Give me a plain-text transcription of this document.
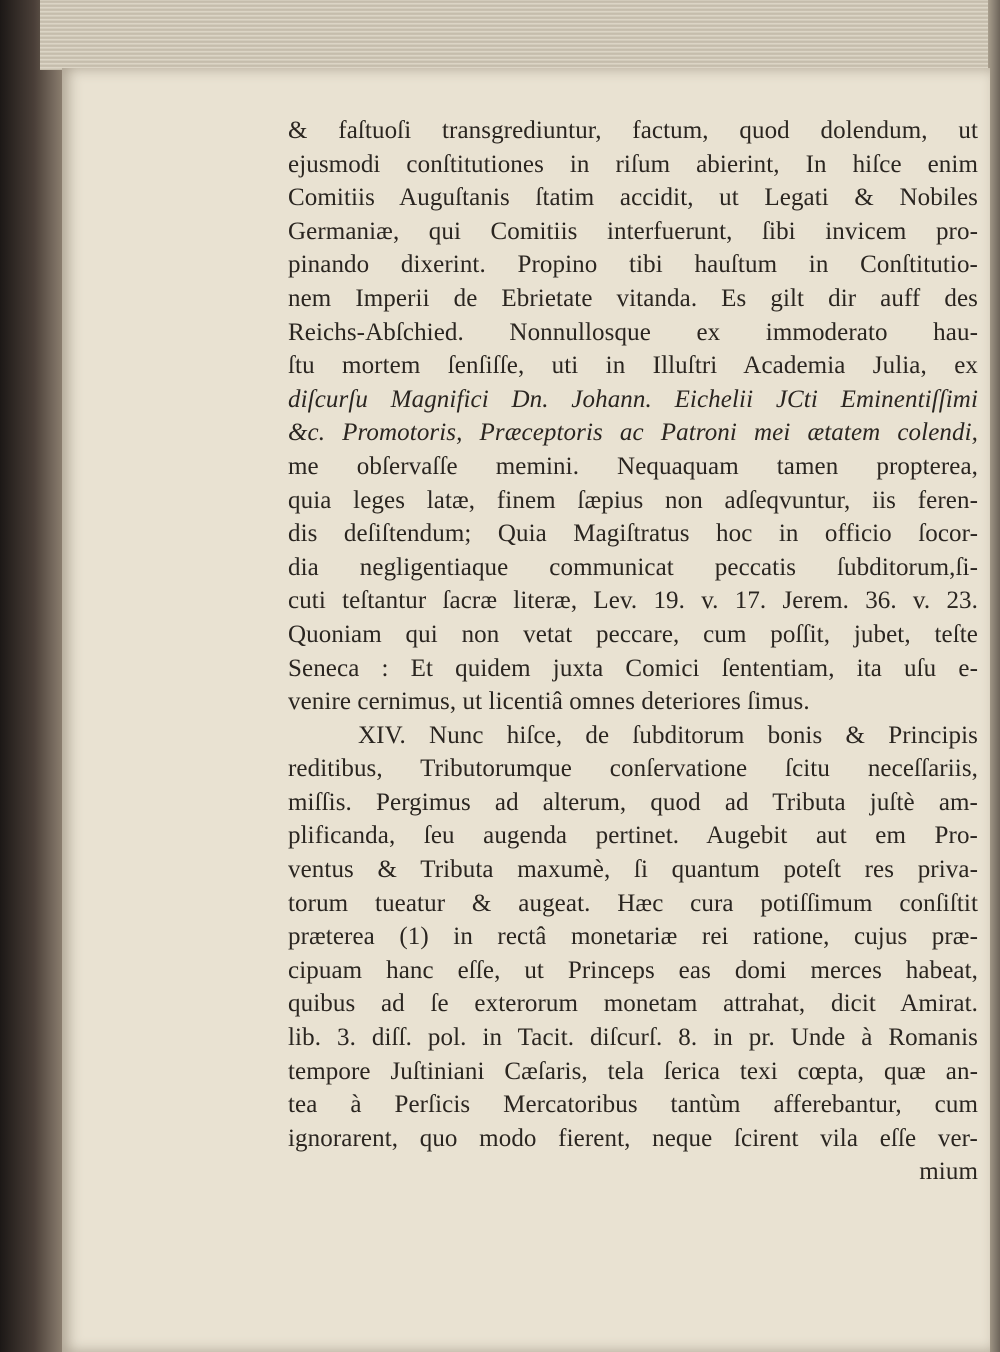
& faſtuoſi transgrediuntur, factum, quod dolendum, ut
ejusmodi conſtitutiones in riſum abierint, In hiſce enim
Comitiis Auguſtanis ſtatim accidit, ut Legati & Nobiles
Germaniæ, qui Comitiis interfuerunt, ſibi invicem pro-
pinando dixerint. Propino tibi hauſtum in Conſtitutio-
nem Imperii de Ebrietate vitanda. Es gilt dir auff des
Reichs-Abſchied. Nonnullosque ex immoderato hau-
ſtu mortem ſenſiſſe, uti in Illuſtri Academia Julia, ex
diſcurſu Magnifici Dn. Johann. Eichelii JCti Eminentiſſimi
&c. Promotoris, Præceptoris ac Patroni mei ætatem colendi,
me obſervaſſe memini. Nequaquam tamen propterea,
quia leges latæ, finem ſæpius non adſeqvuntur, iis feren-
dis deſiſtendum; Quia Magiſtratus hoc in officio ſocor-
dia negligentiaque communicat peccatis ſubditorum,ſi-
cuti teſtantur ſacræ literæ, Lev. 19. v. 17. Jerem. 36. v. 23.
Quoniam qui non vetat peccare, cum poſſit, jubet, teſte
Seneca : Et quidem juxta Comici ſententiam, ita uſu e-
venire cernimus, ut licentiâ omnes deteriores ſimus.
XIV. Nunc hiſce, de ſubditorum bonis & Principis
reditibus, Tributorumque conſervatione ſcitu neceſſariis,
miſſis. Pergimus ad alterum, quod ad Tributa juſtè am-
plificanda, ſeu augenda pertinet. Augebit aut em Pro-
ventus & Tributa maxumè, ſi quantum poteſt res priva-
torum tueatur & augeat. Hæc cura potiſſimum conſiſtit
præterea (1) in rectâ monetariæ rei ratione, cujus præ-
cipuam hanc eſſe, ut Princeps eas domi merces habeat,
quibus ad ſe exterorum monetam attrahat, dicit Amirat.
lib. 3. diſſ. pol. in Tacit. diſcurſ. 8. in pr. Unde à Romanis
tempore Juſtiniani Cæſaris, tela ſerica texi cœpta, quæ an-
tea à Perſicis Mercatoribus tantùm afferebantur, cum
ignorarent, quo modo fierent, neque ſcirent vila eſſe ver-
mium
